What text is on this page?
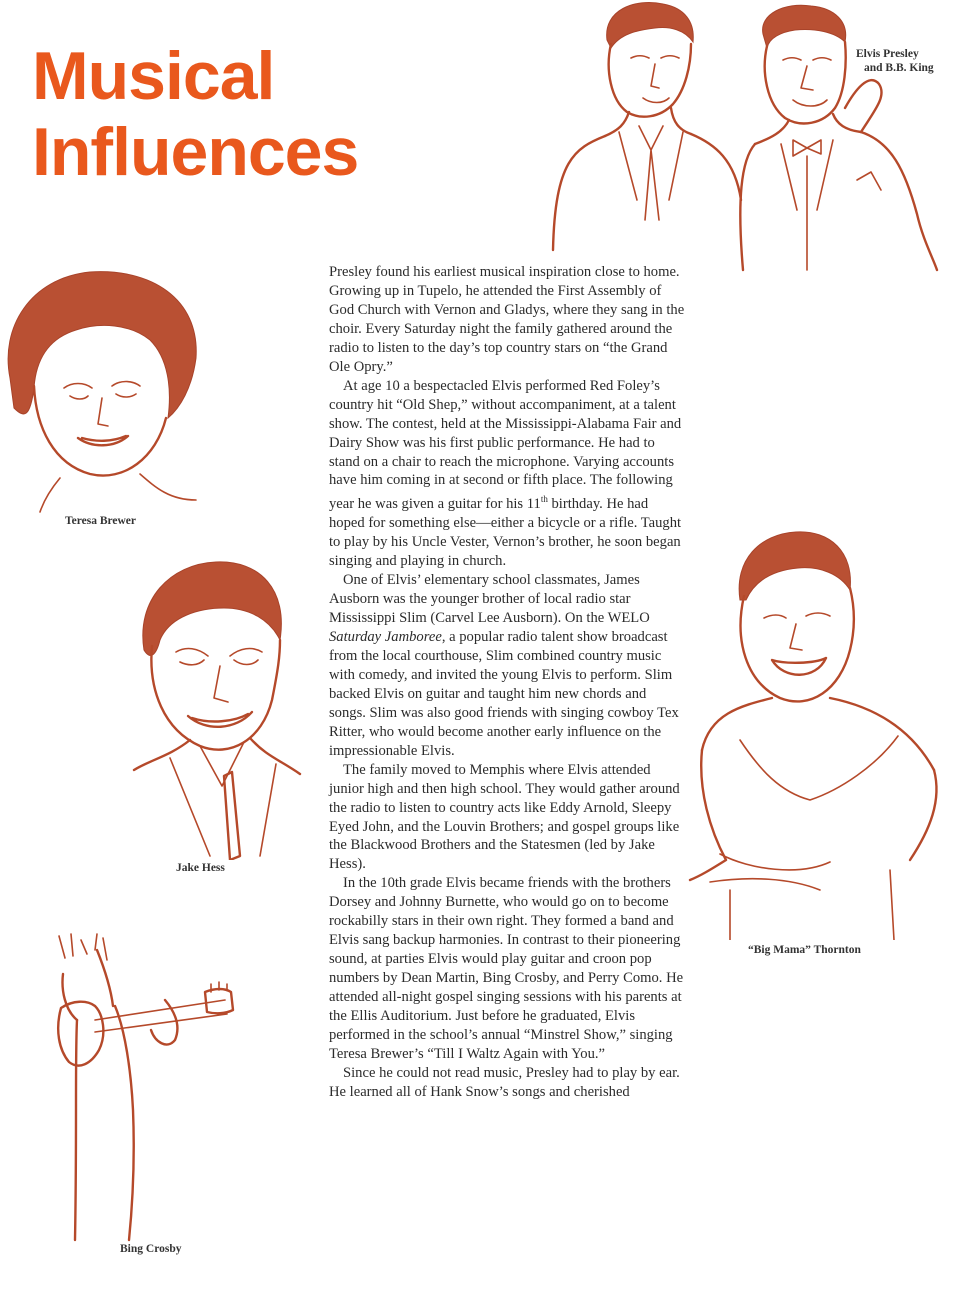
Musical
Influences
Elvis Presley
and B.B. King
Teresa Brewer
Jake Hess
“Big Mama” Thornton
Bing Crosby

Presley found his earliest musical inspiration close to home. Growing up in Tupelo, he attended the First Assembly of God Church with Vernon and Gladys, where they sang in the choir. Every Saturday night the family gathered around the radio to listen to the day’s top country stars on “the Grand Ole Opry.”

At age 10 a bespectacled Elvis performed Red Foley’s country hit “Old Shep,” without accompaniment, at a talent show. The contest, held at the Mississippi-Alabama Fair and Dairy Show was his first public performance. He had to stand on a chair to reach the microphone. Varying accounts have him coming in at second or fifth place. The following year he was given a guitar for his 11th birthday. He had hoped for something else—either a bicycle or a rifle. Taught to play by his Uncle Vester, Vernon’s brother, he soon began singing and playing in church.

One of Elvis’ elementary school classmates, James Ausborn was the younger brother of local radio star Mississippi Slim (Carvel Lee Ausborn). On the WELO Saturday Jamboree, a popular radio talent show broadcast from the local courthouse, Slim combined country music with comedy, and invited the young Elvis to perform. Slim backed Elvis on guitar and taught him new chords and songs. Slim was also good friends with singing cowboy Tex Ritter, who would become another early influence on the impressionable Elvis.

The family moved to Memphis where Elvis attended junior high and then high school. They would gather around the radio to listen to country acts like Eddy Arnold, Sleepy Eyed John, and the Louvin Brothers; and gospel groups like the Blackwood Brothers and the Statesmen (led by Jake Hess).

In the 10th grade Elvis became friends with the brothers Dorsey and Johnny Burnette, who would go on to become rockabilly stars in their own right. They formed a band and Elvis sang backup harmonies. In contrast to their pioneering sound, at parties Elvis would play guitar and croon pop numbers by Dean Martin, Bing Crosby, and Perry Como. He attended all-night gospel singing sessions with his parents at the Ellis Auditorium. Just before he graduated, Elvis performed in the school’s annual “Minstrel Show,” singing Teresa Brewer’s “Till I Waltz Again with You.”

Since he could not read music, Presley had to play by ear. He learned all of Hank Snow’s songs and cherished
